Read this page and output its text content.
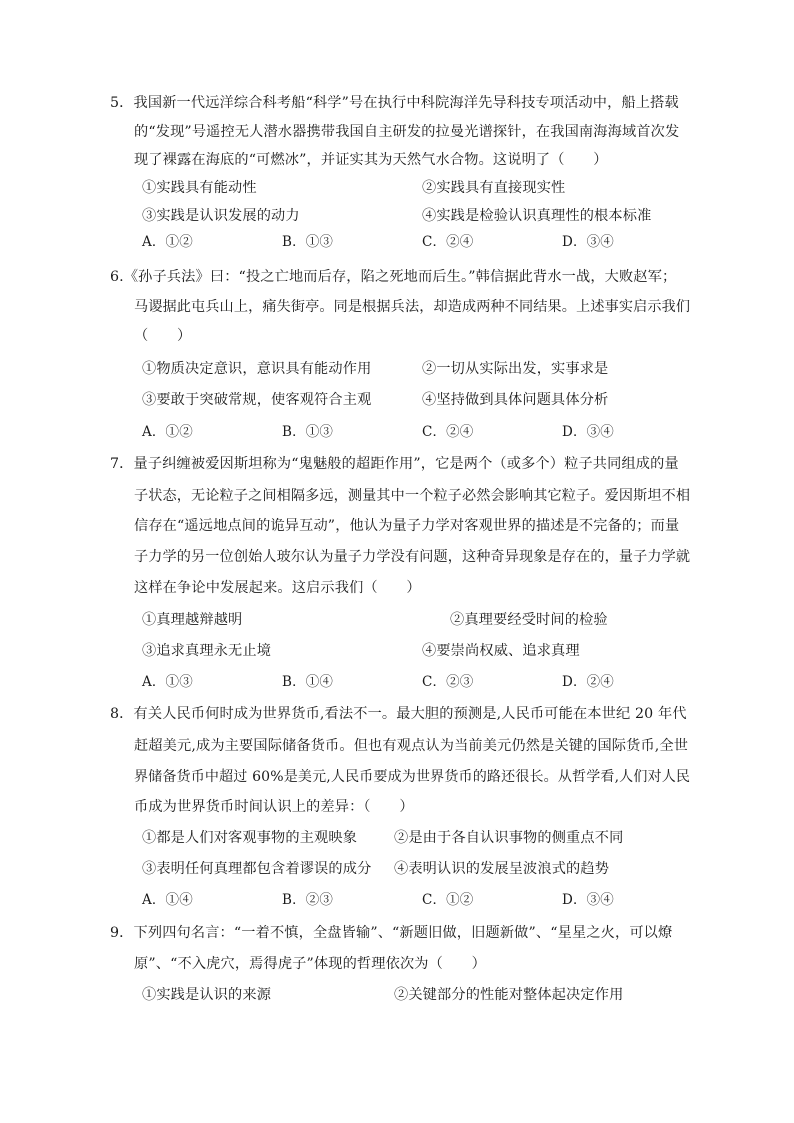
5．我国新一代远洋综合科考船“科学”号在执行中科院海洋先导科技专项活动中，船上搭载
的“发现”号遥控无人潜水器携带我国自主研发的拉曼光谱探针，在我国南海海域首次发
现了裸露在海底的“可燃冰”，并证实其为天然气水合物。这说明了（　　）
①实践具有能动性	②实践具有直接现实性
③实践是认识发展的动力	④实践是检验认识真理性的根本标准
A．①②	B．①③	C．②④	D．③④
6.《孙子兵法》曰：“投之亡地而后存，陷之死地而后生。”韩信据此背水一战，大败赵军；
马谡据此屯兵山上，痛失街亭。同是根据兵法，却造成两种不同结果。上述事实启示我们
（　　）
①物质决定意识，意识具有能动作用	②一切从实际出发，实事求是
③要敢于突破常规，使客观符合主观	④坚持做到具体问题具体分析
A．①②	B．①③	C．②④	D．③④
7．量子纠缠被爱因斯坦称为“鬼魅般的超距作用”，它是两个（或多个）粒子共同组成的量
子状态，无论粒子之间相隔多远，测量其中一个粒子必然会影响其它粒子。爱因斯坦不相
信存在“遥远地点间的诡异互动”，他认为量子力学对客观世界的描述是不完备的；而量
子力学的另一位创始人玻尔认为量子力学没有问题，这种奇异现象是存在的，量子力学就
这样在争论中发展起来。这启示我们（　　）
①真理越辩越明	②真理要经受时间的检验
③追求真理永无止境	④要崇尚权威、追求真理
A．①③	B．①④	C．②③	D．②④
8．有关人民币何时成为世界货币,看法不一。最大胆的预测是,人民币可能在本世纪 20 年代
赶超美元,成为主要国际储备货币。但也有观点认为当前美元仍然是关键的国际货币,全世
界储备货币中超过 60%是美元,人民币要成为世界货币的路还很长。从哲学看,人们对人民
币成为世界货币时间认识上的差异：（　　）
①都是人们对客观事物的主观映象	②是由于各自认识事物的侧重点不同
③表明任何真理都包含着谬误的成分 ④表明认识的发展呈波浪式的趋势
A．①④	B．②③	C．①②	D．③④
9．下列四句名言：“一着不慎，全盘皆输”、“新题旧做，旧题新做”、“星星之火，可以燎
原”、“不入虎穴，焉得虎子”体现的哲理依次为（　　）
①实践是认识的来源	②关键部分的性能对整体起决定作用
